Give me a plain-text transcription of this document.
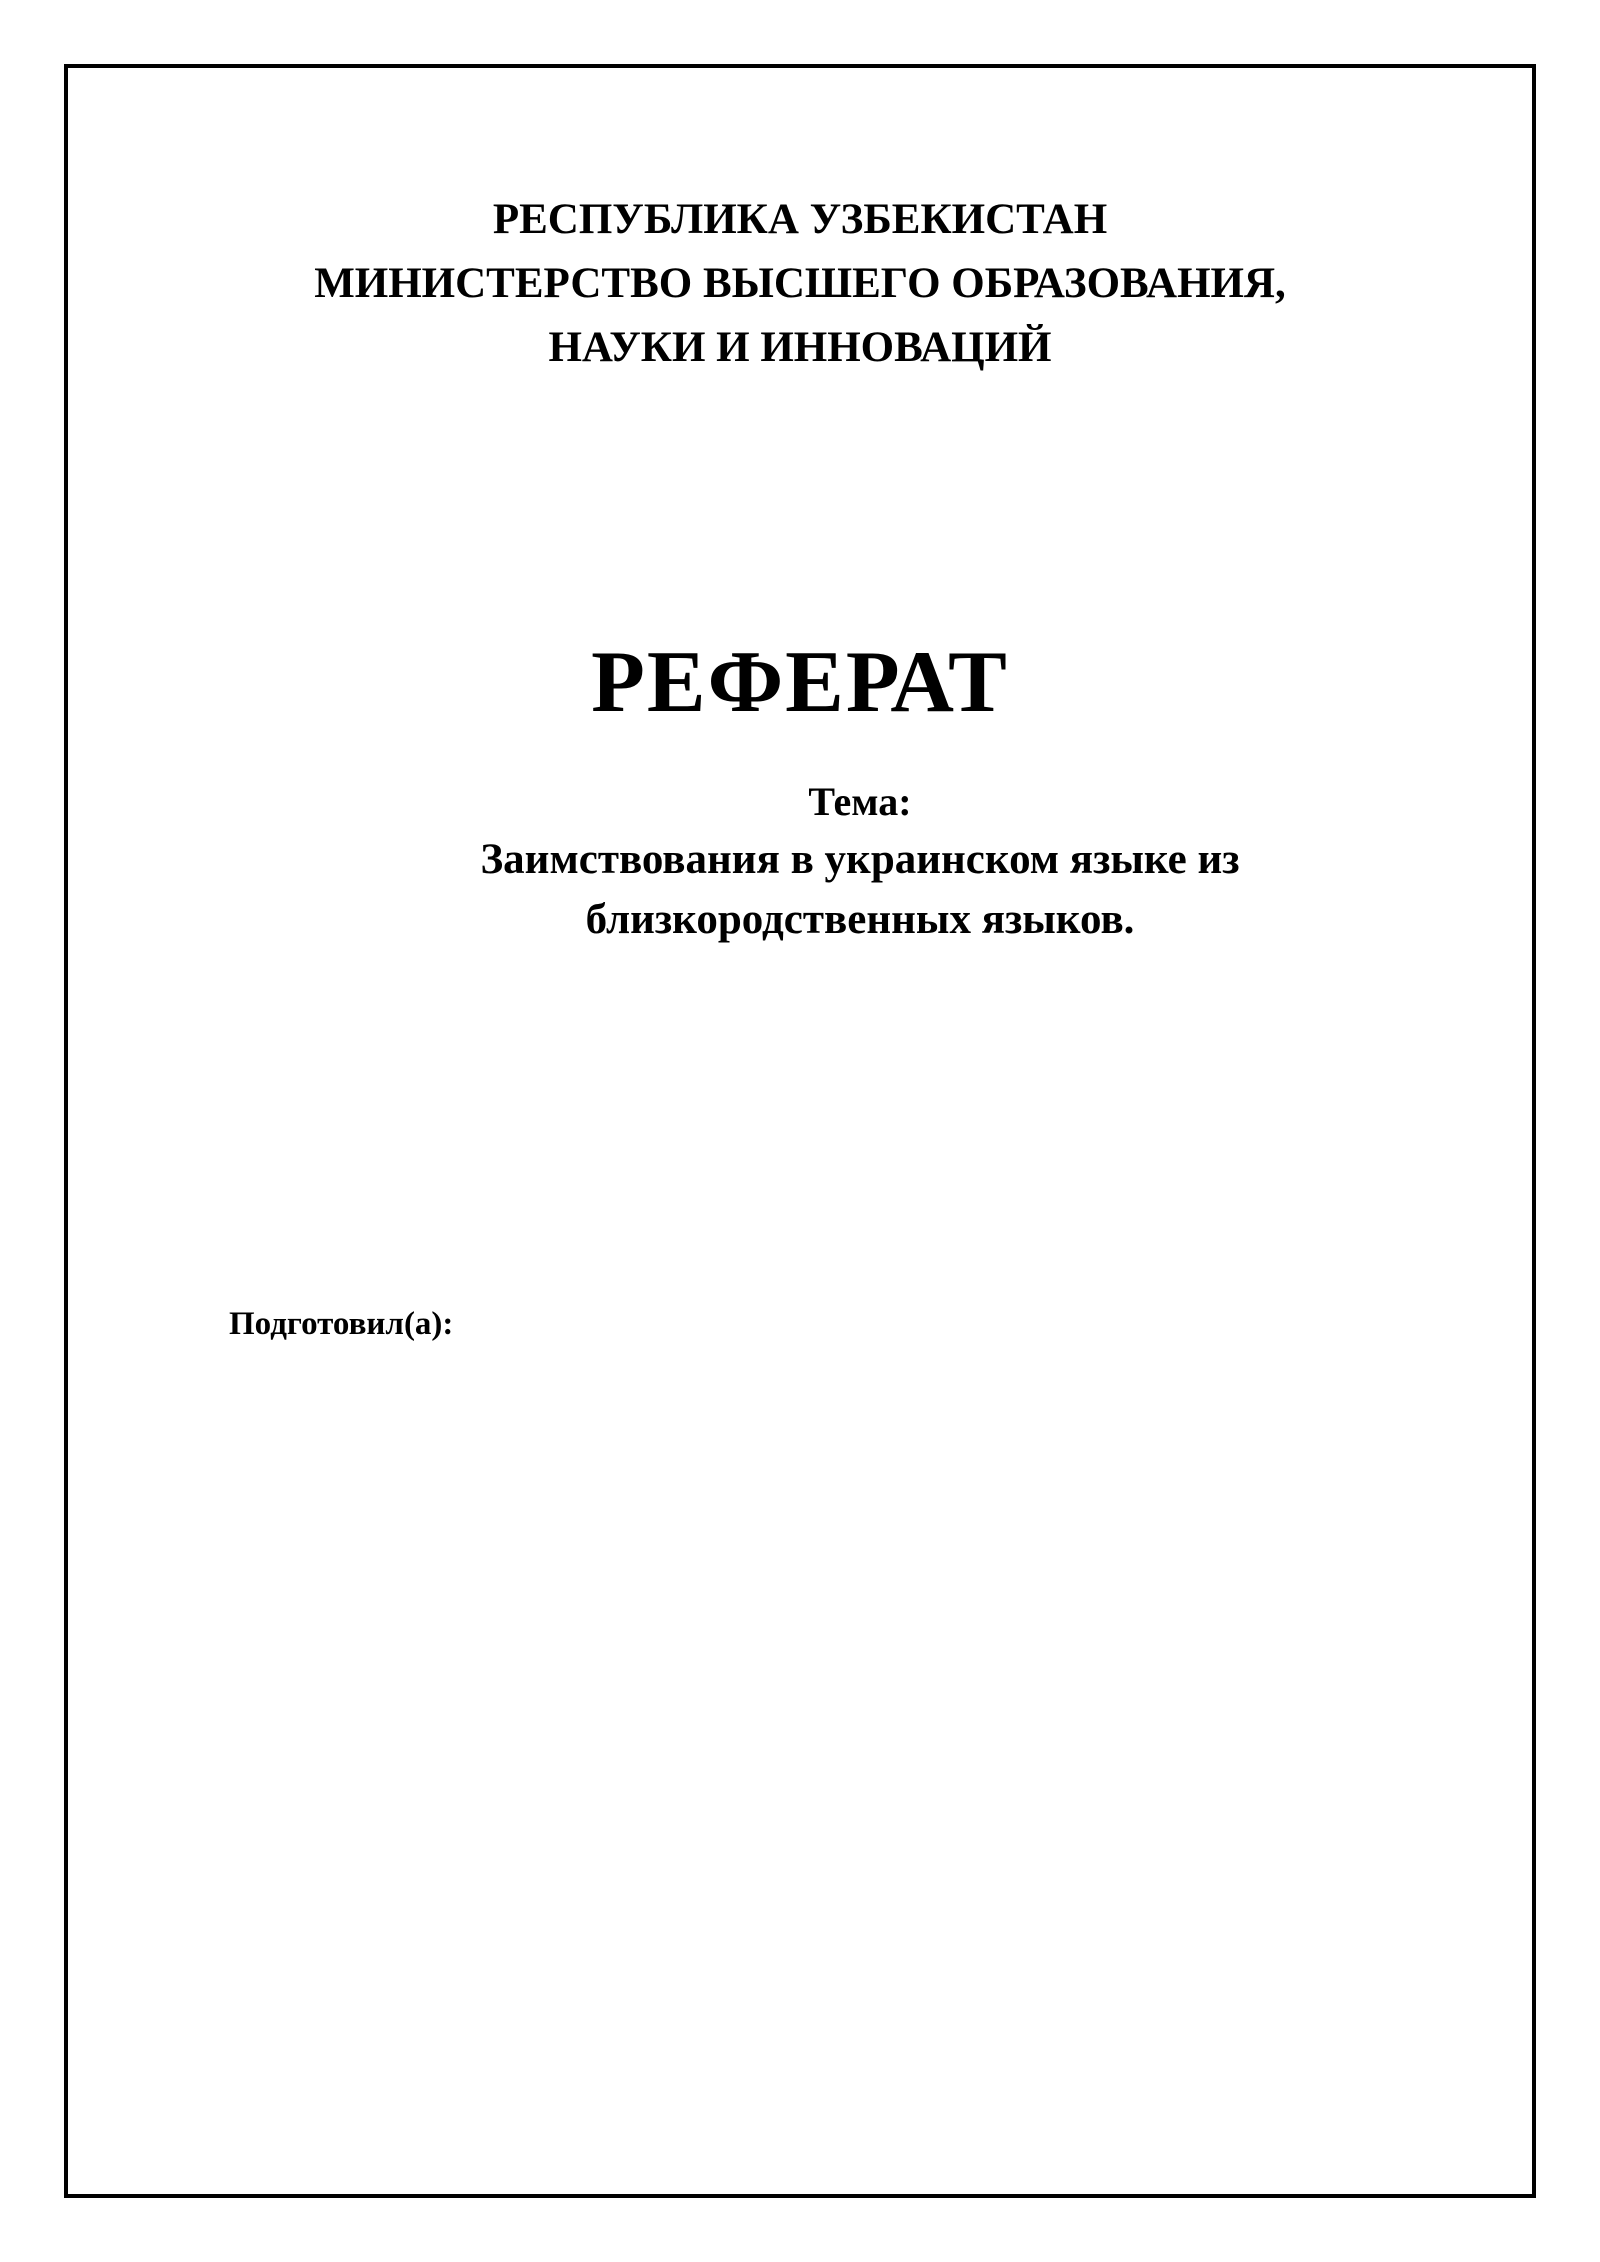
РЕСПУБЛИКА УЗБЕКИСТАН
МИНИСТЕРСТВО ВЫСШЕГО ОБРАЗОВАНИЯ,
НАУКИ И ИННОВАЦИЙ
РЕФЕРАТ
Тема:
Заимствования в украинском языке из
близкородственных языков.
Подготовил(а):
